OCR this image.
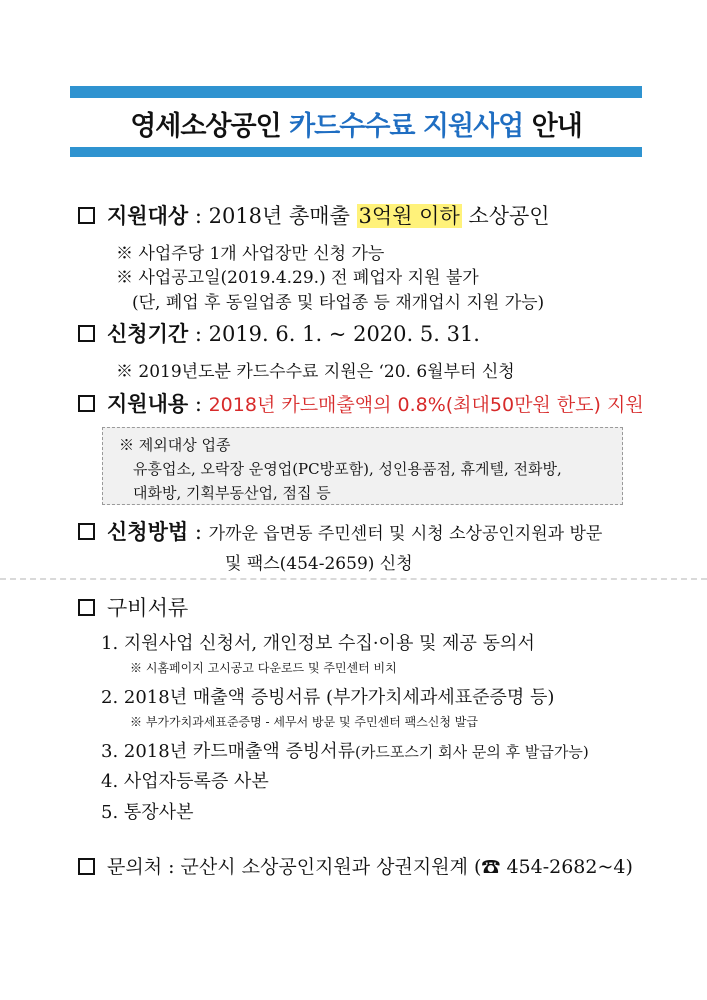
영세소상공인 카드수수료 지원사업 안내
지원대상 : 2018년 총매출 3억원 이하 소상공인
※ 사업주당 1개 사업장만 신청 가능
※ 사업공고일(2019.4.29.) 전 폐업자 지원 불가
(단, 폐업 후 동일업종 및 타업종 등 재개업시 지원 가능)
신청기간 : 2019. 6. 1. ~ 2020. 5. 31.
※ 2019년도분 카드수수료 지원은 ‘20. 6월부터 신청
지원내용 : 2018년 카드매출액의 0.8%(최대50만원 한도) 지원
※ 제외대상 업종
유흥업소, 오락장 운영업(PC방포함), 성인용품점, 휴게텔, 전화방,
대화방, 기획부동산업, 점집 등
신청방법 : 가까운 읍면동 주민센터 및 시청 소상공인지원과 방문
및 팩스(454-2659) 신청
구비서류
1. 지원사업 신청서, 개인정보 수집·이용 및 제공 동의서
※ 시홈페이지 고시공고 다운로드 및 주민센터 비치
2. 2018년 매출액 증빙서류 (부가가치세과세표준증명 등)
※ 부가가치과세표준증명 - 세무서 방문 및 주민센터 팩스신청 발급
3. 2018년 카드매출액 증빙서류(카드포스기 회사 문의 후 발급가능)
4. 사업자등록증 사본
5. 통장사본
문의처 : 군산시 소상공인지원과 상권지원계 (☎ 454-2682~4)
